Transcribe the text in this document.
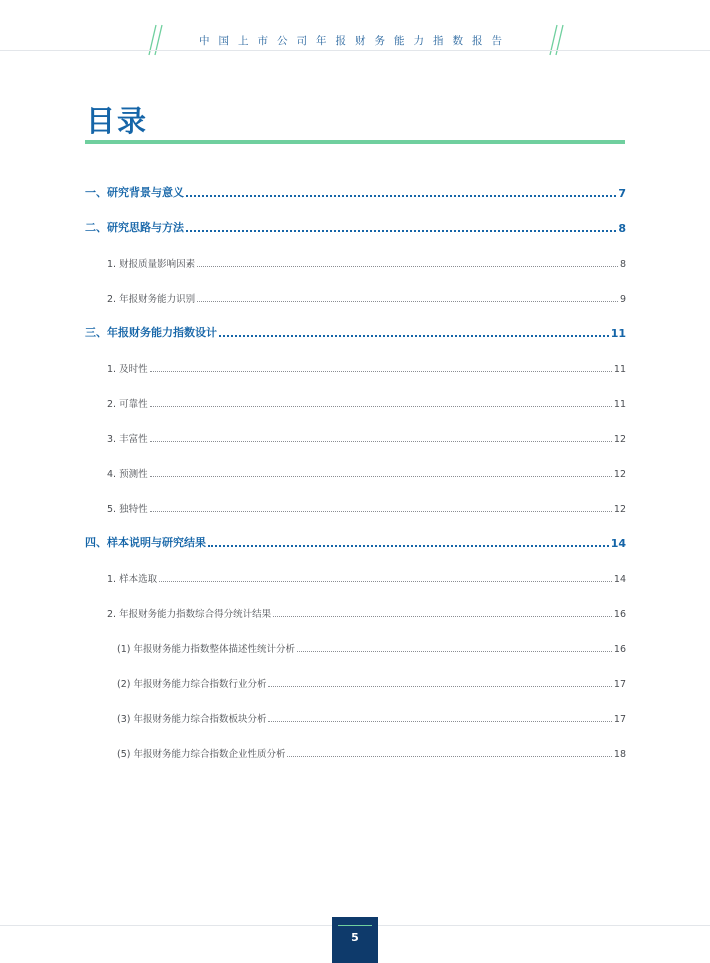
中国上市公司年报财务能力指数报告
目录
一、研究背景与意义	7
二、研究思路与方法	8
1. 财报质量影响因素	8
2. 年报财务能力识别	9
三、年报财务能力指数设计	11
1. 及时性	11
2. 可靠性	11
3. 丰富性	12
4. 预测性	12
5. 独特性	12
四、样本说明与研究结果	14
1. 样本选取	14
2. 年报财务能力指数综合得分统计结果	16
(1) 年报财务能力指数整体描述性统计分析	16
(2) 年报财务能力综合指数行业分析	17
(3) 年报财务能力综合指数板块分析	17
(5) 年报财务能力综合指数企业性质分析	18
5
